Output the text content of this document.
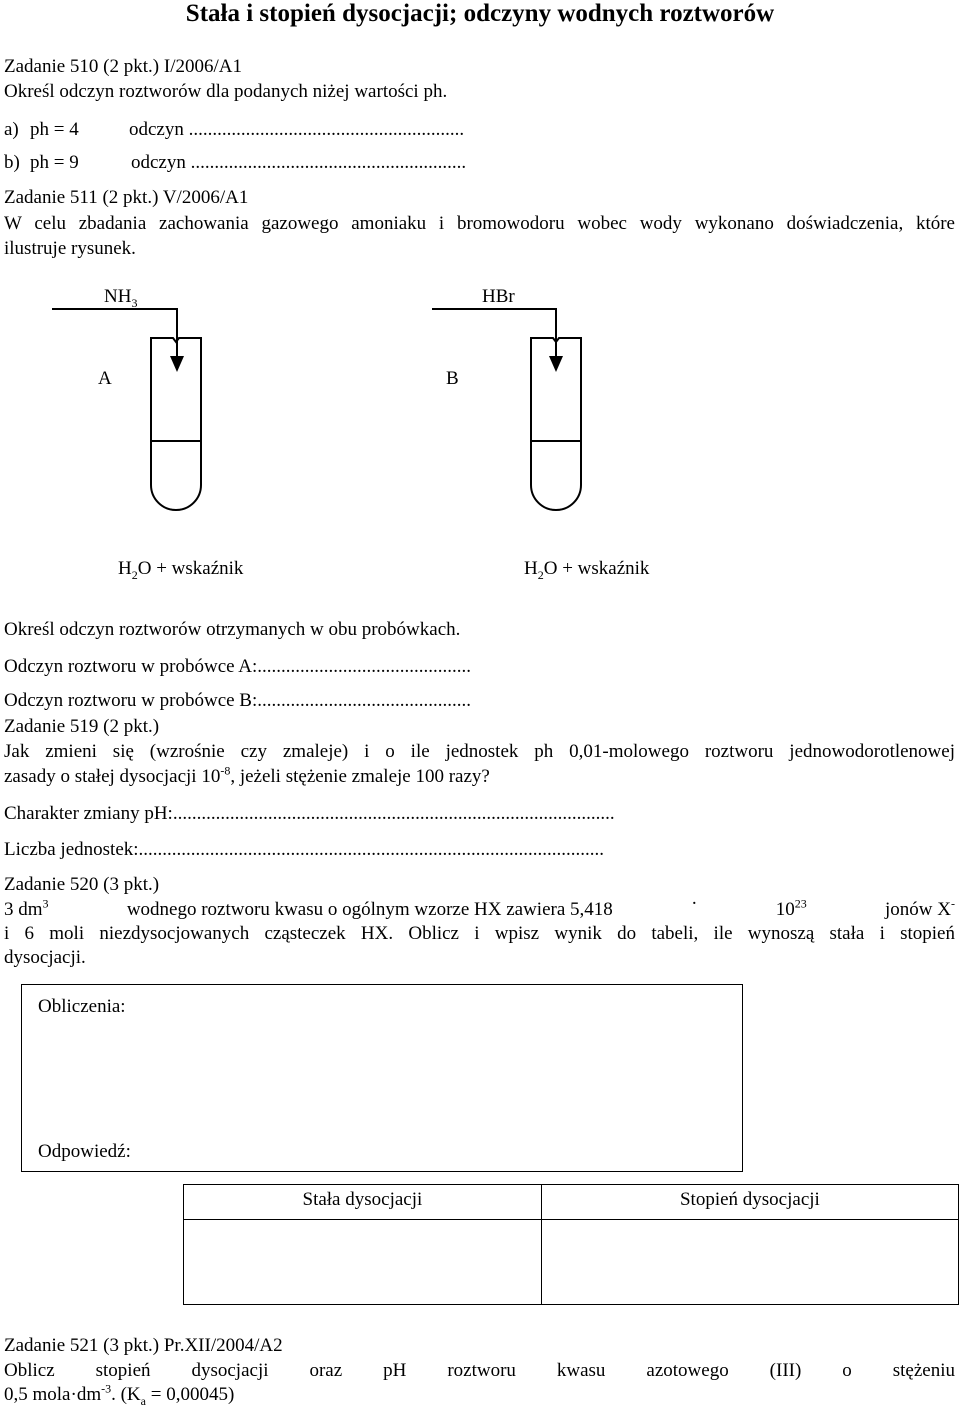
Stała i stopień dysocjacji; odczyny wodnych roztworów
Zadanie 510 (2 pkt.) I/2006/A1
Określ odczyn roztworów dla podanych niżej wartości ph.
a) ph = 4	odczyn ..........................................................
b) ph = 9	odczyn ..........................................................
Zadanie 511 (2 pkt.) V/2006/A1
W celu zbadania zachowania gazowego amoniaku i bromowodoru wobec wody wykonano doświadczenia, które
ilustruje rysunek.
$NH_3$	HBr
A	B
$H_2O$ + wskaźnik	$H_2O$ + wskaźnik
Określ odczyn roztworów otrzymanych w obu probówkach.
Odczyn roztworu w probówce A:.............................................
Odczyn roztworu w probówce B:.............................................
Zadanie 519 (2 pkt.)
Jak zmieni się (wzrośnie czy zmaleje) i o ile jednostek ph 0,01-molowego roztworu jednowodorotlenowej
zasady o stałej dysocjacji $10^{-8}$, jeżeli stężenie zmaleje 100 razy?
Charakter zmiany pH:.............................................................................................
Liczba jednostek:..................................................................................................
Zadanie 520 (3 pkt.)
3 $dm^3$	wodnego roztworu kwasu o ogólnym wzorze HX zawiera 5,418	·	$10^{23}$	jonów X-
i 6 moli niezdysocjowanych cząsteczek HX. Oblicz i wpisz wynik do tabeli, ile wynoszą stała i stopień
dysocjacji.
Obliczenia:
Odpowiedź:
Stała dysocjacji	Stopień dysocjacji

Zadanie 521 (3 pkt.) Pr.XII/2004/A2
Oblicz stopień dysocjacji oraz pH roztworu kwasu azotowego (III) o stężeniu
0,5 $mola\cdot dm^{-3}$. $(K_a = 0,00045)$
